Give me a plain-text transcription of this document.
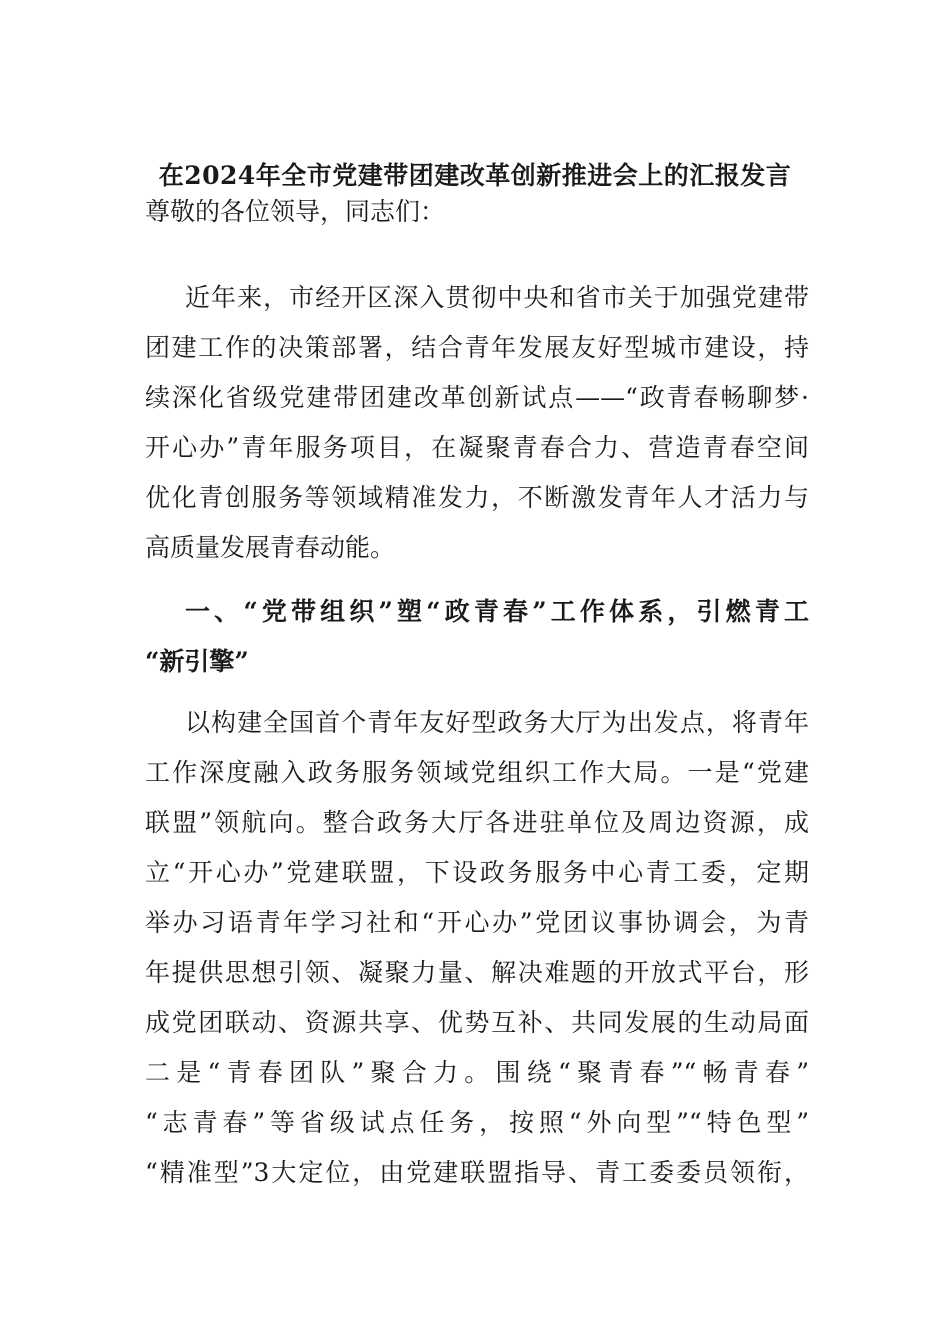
在2024年全市党建带团建改革创新推进会上的汇报发言
尊敬的各位领导，同志们：
近年来，市经开区深入贯彻中央和省市关于加强党建带
团建工作的决策部署，结合青年发展友好型城市建设，持
续深化省级党建带团建改革创新试点——“政青春畅聊梦·
开心办”青年服务项目，在凝聚青春合力、营造青春空间
优化青创服务等领域精准发力，不断激发青年人才活力与
高质量发展青春动能。
一、“党带组织”塑“政青春”工作体系，引燃青工
“新引擎”
以构建全国首个青年友好型政务大厅为出发点，将青年
工作深度融入政务服务领域党组织工作大局。一是“党建
联盟”领航向。整合政务大厅各进驻单位及周边资源，成
立“开心办”党建联盟，下设政务服务中心青工委，定期
举办习语青年学习社和“开心办”党团议事协调会，为青
年提供思想引领、凝聚力量、解决难题的开放式平台，形
成党团联动、资源共享、优势互补、共同发展的生动局面
二是“青春团队”聚合力。围绕“聚青春”“畅青春”
“志青春”等省级试点任务，按照“外向型”“特色型”
“精准型”3大定位，由党建联盟指导、青工委委员领衔，
